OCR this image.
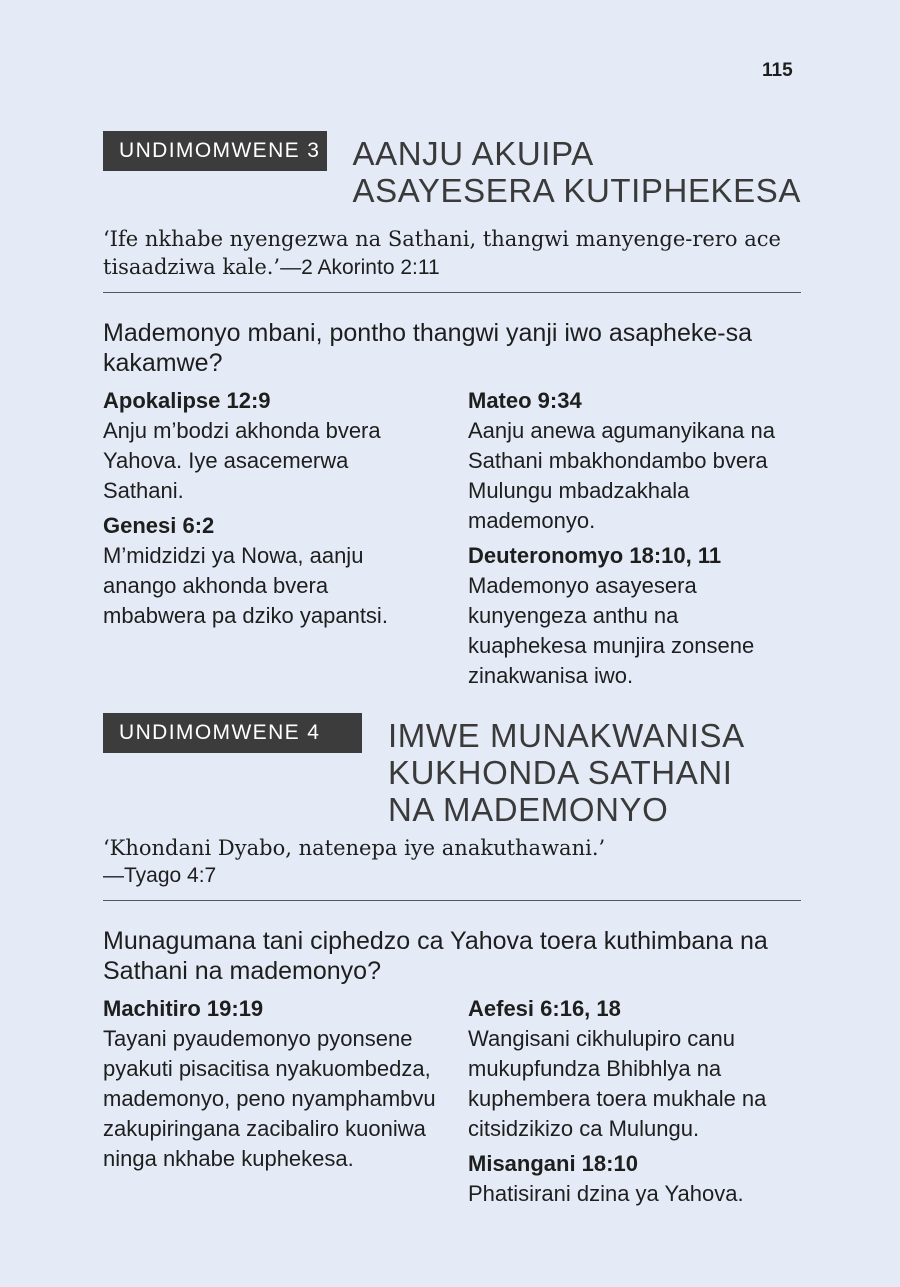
115
UNDIMOMWENE 3 AANJU AKUIPA
ASAYESERA KUTIPHEKESA
‘Ife nkhabe nyengezwa na Sathani, thangwi manyenge-rero ace tisaadziwa kale.’—2 Akorinto 2:11
Mademonyo mbani, pontho thangwi yanji iwo asapheke-sa kakamwe?
Apokalipse 12:9
Anju m’bodzi akhonda bvera Yahova. Iye asacemerwa Sathani.
Genesi 6:2
M’midzidzi ya Nowa, aanju anango akhonda bvera mbabwera pa dziko yapantsi.
Mateo 9:34
Aanju anewa agumanyikana na Sathani mbakhondambo bvera Mulungu mbadzakhala mademonyo.
Deuteronomyo 18:10, 11
Mademonyo asayesera kunyengeza anthu na kuaphekesa munjira zonsene zinakwanisa iwo.
UNDIMOMWENE 4	IMWE MUNAKWANISA
KUKHONDA SATHANI
NA MADEMONYO
‘Khondani Dyabo, natenepa iye anakuthawani.’
—Tyago 4:7
Munagumana tani ciphedzo ca Yahova toera kuthimbana na Sathani na mademonyo?
Machitiro 19:19
Tayani pyaudemonyo pyonsene pyakuti pisacitisa nyakuombedza, mademonyo, peno nyamphambvu zakupiringana zacibaliro kuoniwa ninga nkhabe kuphekesa.
Aefesi 6:16, 18
Wangisani cikhulupiro canu mukupfundza Bhibhlya na kuphembera toera mukhale na citsidzikizo ca Mulungu.
Misangani 18:10
Phatisirani dzina ya Yahova.
